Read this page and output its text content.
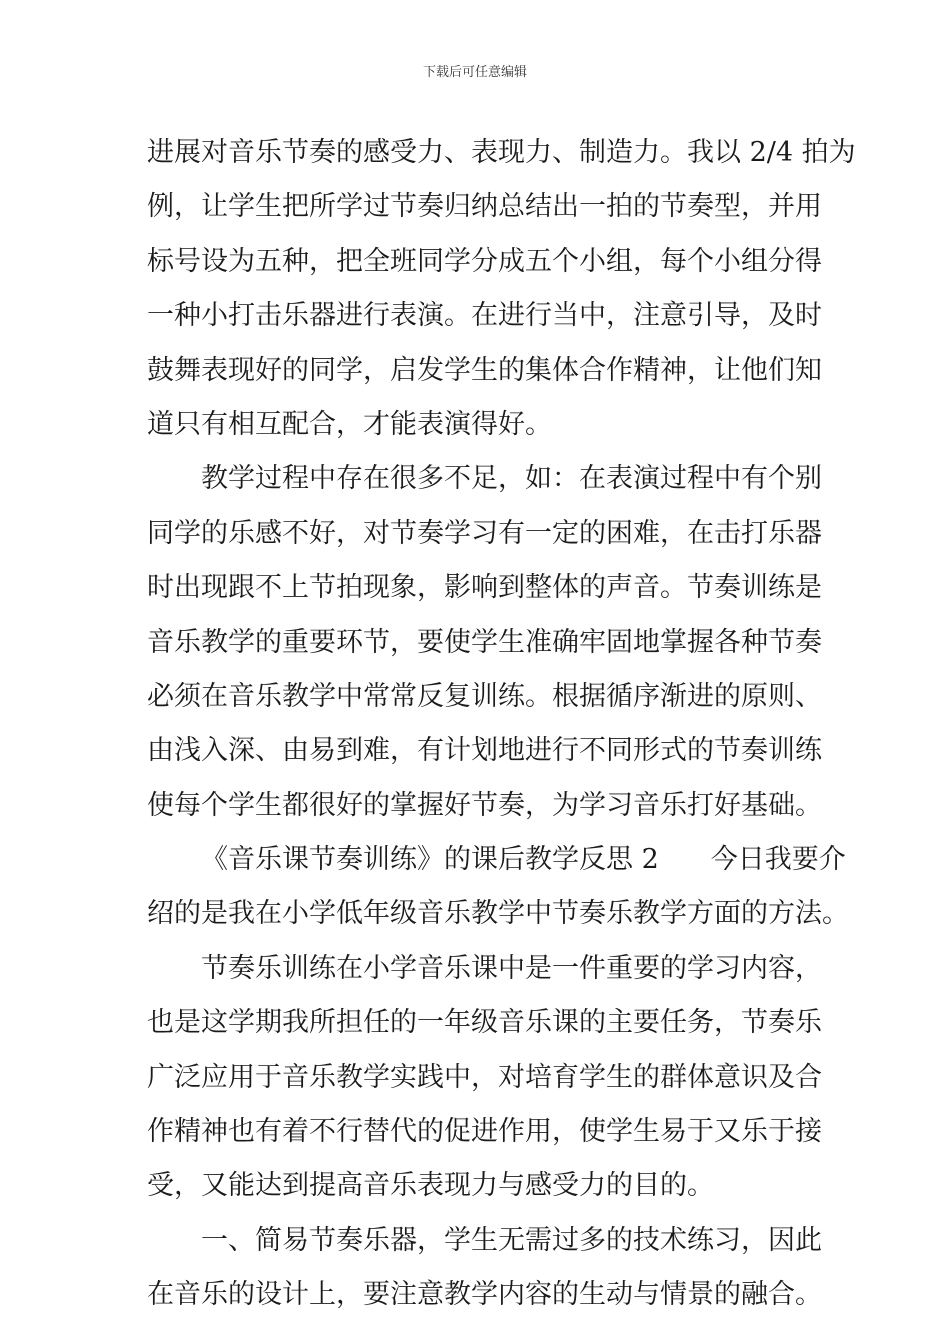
下载后可任意编辑
进展对音乐节奏的感受力、表现力、制造力。我以 2/4 拍为
例，让学生把所学过节奏归纳总结出一拍的节奏型，并用
标号设为五种，把全班同学分成五个小组，每个小组分得
一种小打击乐器进行表演。在进行当中，注意引导，及时
鼓舞表现好的同学，启发学生的集体合作精神，让他们知
道只有相互配合，才能表演得好。
教学过程中存在很多不足，如：在表演过程中有个别
同学的乐感不好，对节奏学习有一定的困难，在击打乐器
时出现跟不上节拍现象，影响到整体的声音。节奏训练是
音乐教学的重要环节，要使学生准确牢固地掌握各种节奏
必须在音乐教学中常常反复训练。根据循序渐进的原则、
由浅入深、由易到难，有计划地进行不同形式的节奏训练
使每个学生都很好的掌握好节奏，为学习音乐打好基础。
《音乐课节奏训练》的课后教学反思 2 今日我要介
绍的是我在小学低年级音乐教学中节奏乐教学方面的方法。
节奏乐训练在小学音乐课中是一件重要的学习内容，
也是这学期我所担任的一年级音乐课的主要任务，节奏乐
广泛应用于音乐教学实践中，对培育学生的群体意识及合
作精神也有着不行替代的促进作用，使学生易于又乐于接
受，又能达到提高音乐表现力与感受力的目的。
一、简易节奏乐器，学生无需过多的技术练习，因此
在音乐的设计上，要注意教学内容的生动与情景的融合。
